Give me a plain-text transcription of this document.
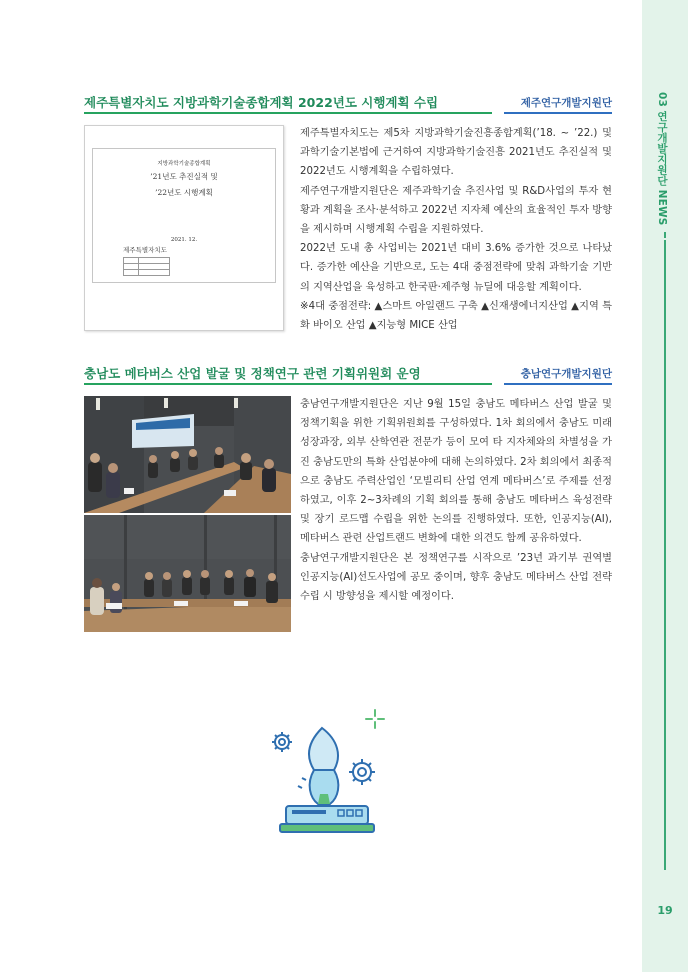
03 연구개발지원단 NEWS
19
제주특별자치도 지방과학기술종합계획 2022년도 시행계획 수립	제주연구개발지원단
지방과학기술종합계획
’21년도 추진실적 및
’22년도 시행계획
2021. 12.
제주특별자치도

제주특별자치도는 제5차 지방과학기술진흥종합계획(’18. ~ ’22.) 및 과학기술기본법에 근거하여 지방과학기술진흥 2021년도 추진실적 및 2022년도 시행계획을 수립하였다.

제주연구개발지원단은 제주과학기술 추진사업 및 R&D사업의 투자 현황과 계획을 조사·분석하고 2022년 지자체 예산의 효율적인 투자 방향을 제시하며 시행계획 수립을 지원하였다.

2022년 도내 총 사업비는 2021년 대비 3.6% 증가한 것으로 나타났다. 증가한 예산을 기반으로, 도는 4대 중점전략에 맞춰 과학기술 기반의 지역산업을 육성하고 한국판·제주형 뉴딜에 대응할 계획이다.

※4대 중점전략: ▲스마트 아일랜드 구축 ▲신재생에너지산업 ▲지역 특화 바이오 산업 ▲지능형 MICE 산업

충남도 메타버스 산업 발굴 및 정책연구 관련 기획위원회 운영	충남연구개발지원단

충남연구개발지원단은 지난 9월 15일 충남도 메타버스 산업 발굴 및 정책기획을 위한 기획위원회를 구성하였다. 1차 회의에서 충남도 미래성장과장, 외부 산학연관 전문가 등이 모여 타 지자체와의 차별성을 가진 충남도만의 특화 산업분야에 대해 논의하였다. 2차 회의에서 최종적으로 충남도 주력산업인 ‘모빌리티 산업 연계 메타버스’로 주제를 선정하였고, 이후 2~3차례의 기획 회의를 통해 충남도 메타버스 육성전략 및 장기 로드맵 수립을 위한 논의를 진행하였다. 또한, 인공지능(AI), 메타버스 관련 산업트랜드 변화에 대한 의견도 함께 공유하였다.

충남연구개발지원단은 본 정책연구를 시작으로 ’23년 과기부 권역별 인공지능(AI)선도사업에 공모 중이며, 향후 충남도 메타버스 산업 전략수립 시 방향성을 제시할 예정이다.
